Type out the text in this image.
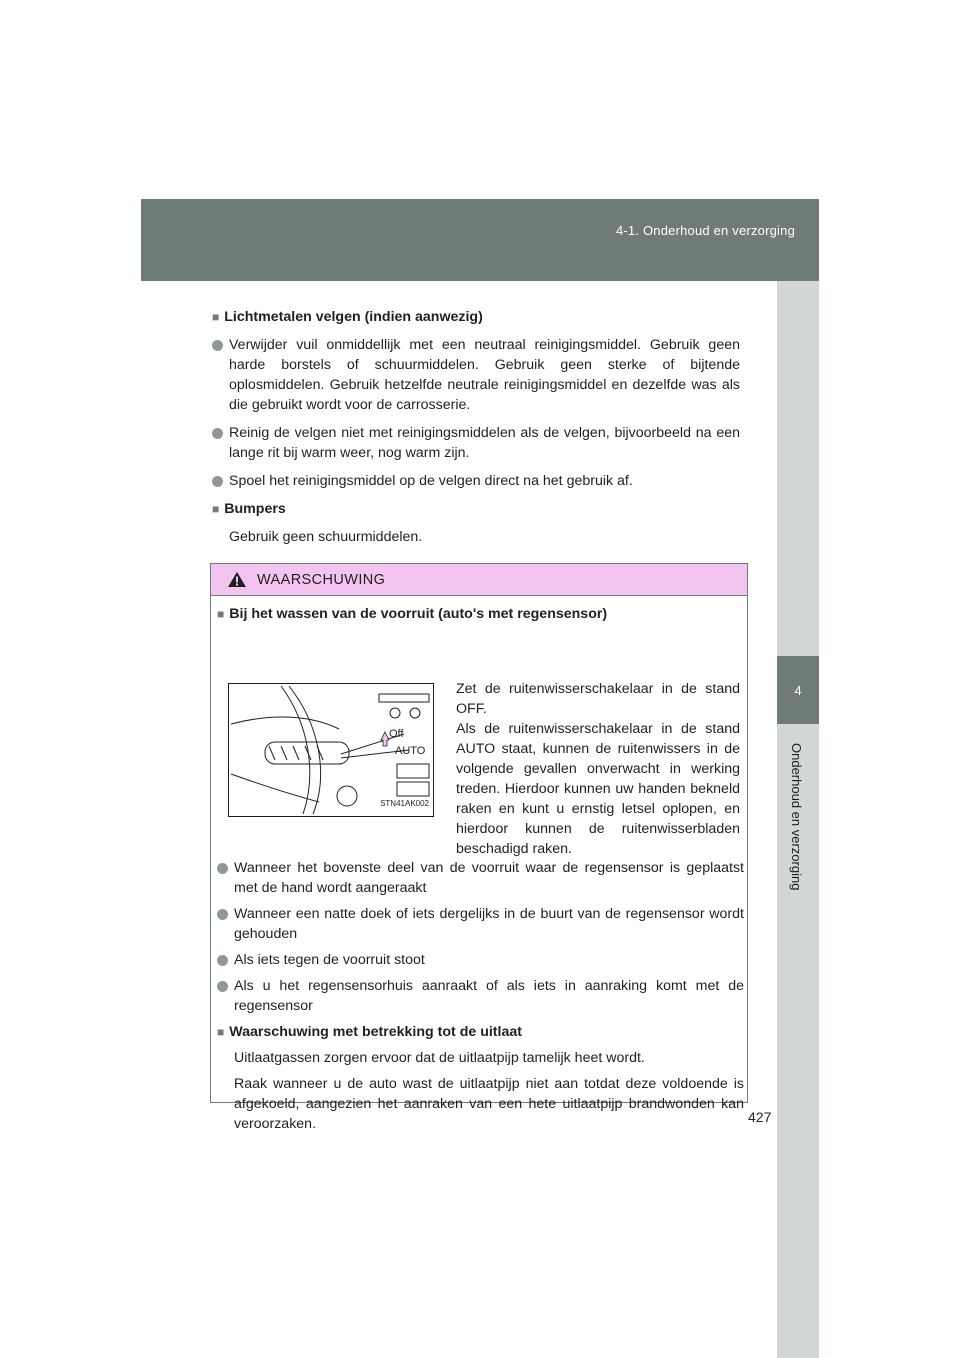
4-1. Onderhoud en verzorging
4
Onderhoud en verzorging

■ Lichtmetalen velgen (indien aanwezig)

Verwijder vuil onmiddellijk met een neutraal reinigingsmiddel. Gebruik geen harde borstels of schuurmiddelen. Gebruik geen sterke of bijtende oplosmiddelen. Gebruik hetzelfde neutrale reinigingsmiddel en dezelfde was als die gebruikt wordt voor de carrosserie.
Reinig de velgen niet met reinigingsmiddelen als de velgen, bijvoorbeeld na een lange rit bij warm weer, nog warm zijn.
Spoel het reinigingsmiddel op de velgen direct na het gebruik af.

■ Bumpers

Gebruik geen schuurmiddelen.

WAARSCHUWING

■ Bij het wassen van de voorruit (auto's met regensensor)

Off
AUTO
STN41AK002

Zet de ruitenwisserschakelaar in de stand OFF.

Als de ruitenwisserschakelaar in de stand AUTO staat, kunnen de ruitenwissers in de volgende gevallen onverwacht in werking treden. Hierdoor kunnen uw handen bekneld raken en kunt u ernstig letsel oplopen, en hierdoor kunnen de ruitenwisserbladen beschadigd raken.

Wanneer het bovenste deel van de voorruit waar de regensensor is geplaatst met de hand wordt aangeraakt
Wanneer een natte doek of iets dergelijks in de buurt van de regensensor wordt gehouden
Als iets tegen de voorruit stoot
Als u het regensensorhuis aanraakt of als iets in aanraking komt met de regensensor

■ Waarschuwing met betrekking tot de uitlaat

Uitlaatgassen zorgen ervoor dat de uitlaatpijp tamelijk heet wordt.

Raak wanneer u de auto wast de uitlaatpijp niet aan totdat deze voldoende is afgekoeld, aangezien het aanraken van een hete uitlaatpijp brandwonden kan veroorzaken.	427
